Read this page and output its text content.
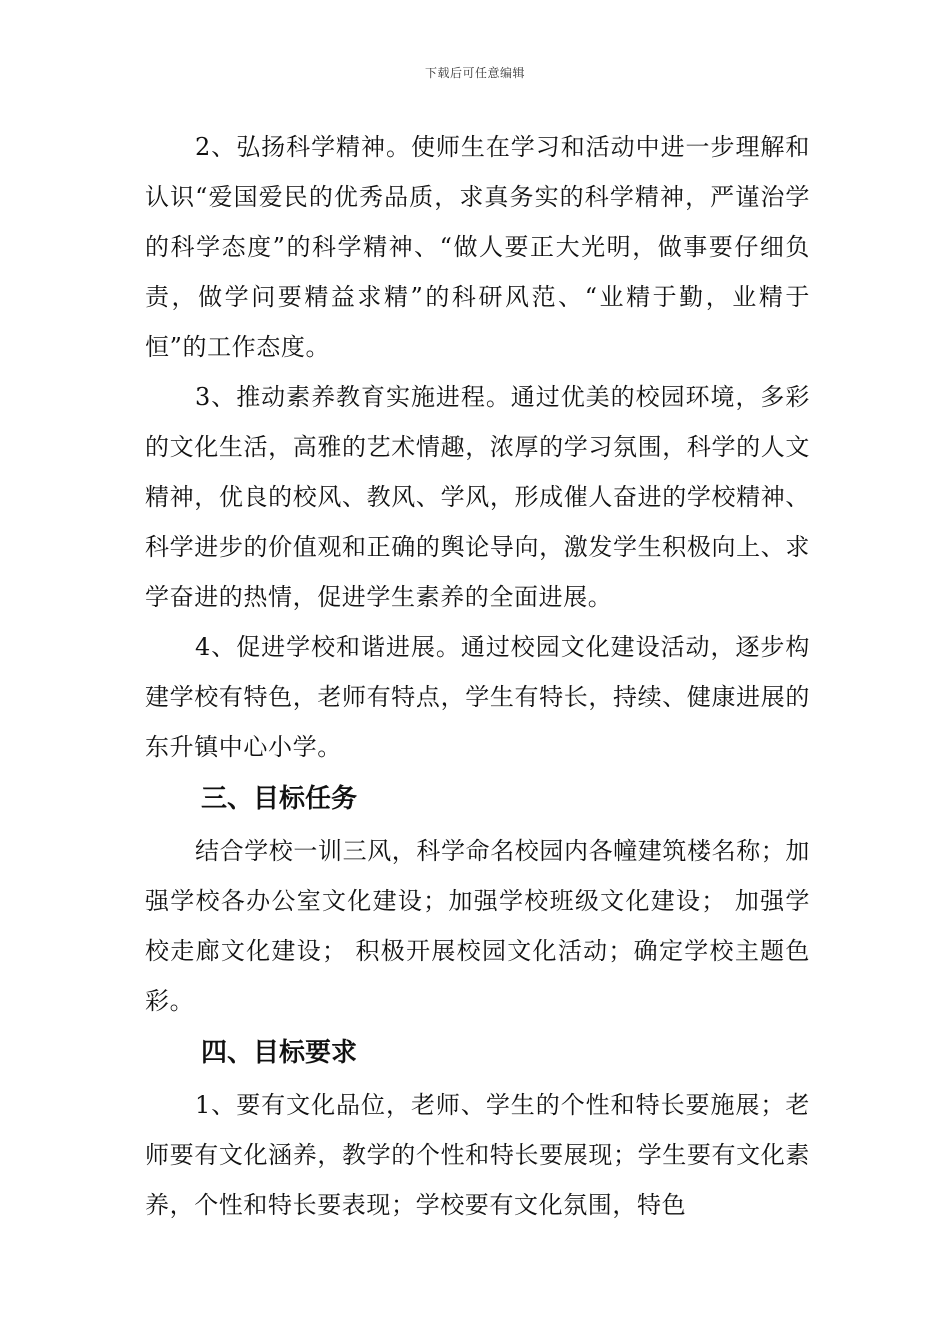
下载后可任意编辑

2、弘扬科学精神。使师生在学习和活动中进一步理解和认识“爱国爱民的优秀品质，求真务实的科学精神，严谨治学的科学态度”的科学精神、“做人要正大光明，做事要仔细负责，做学问要精益求精”的科研风范、“业精于勤，业精于恒”的工作态度。

3、推动素养教育实施进程。通过优美的校园环境，多彩的文化生活，高雅的艺术情趣，浓厚的学习氛围，科学的人文精神，优良的校风、教风、学风，形成催人奋进的学校精神、科学进步的价值观和正确的舆论导向，激发学生积极向上、求学奋进的热情，促进学生素养的全面进展。

4、促进学校和谐进展。通过校园文化建设活动，逐步构建学校有特色，老师有特点，学生有特长，持续、健康进展的东升镇中心小学。

三、目标任务

结合学校一训三风，科学命名校园内各幢建筑楼名称；加强学校各办公室文化建设；加强学校班级文化建设； 加强学校走廊文化建设； 积极开展校园文化活动；确定学校主题色彩。

四、目标要求

1、要有文化品位，老师、学生的个性和特长要施展；老师要有文化涵养，教学的个性和特长要展现；学生要有文化素养，个性和特长要表现；学校要有文化氛围，特色
